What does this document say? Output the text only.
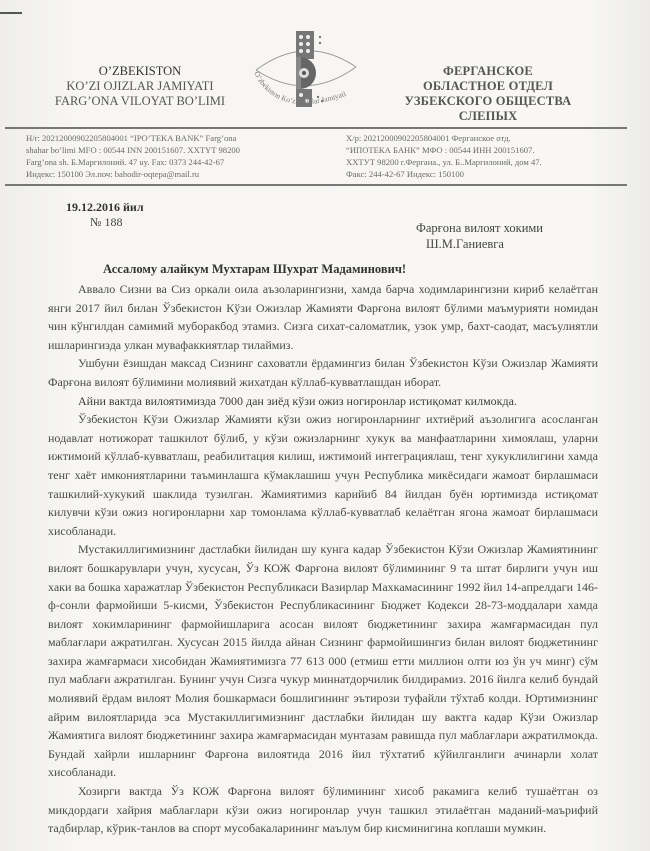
O’ZBEKISTON
KO’ZI OJIZLAR JAMIYATI
FARG’ONA VILOYAT BO’LIMI
O’zbekiston Ko’zi Ojizlar Jamiyati
ФЕРГАНСКОЕ
ОБЛАСТНОЕ ОТДЕЛ
УЗБЕКСКОГО ОБЩЕСТВА
СЛЕПЫХ
H/r: 20212000902205804001 “IPO’TEKA BANK” Farg’ona
shahar bo’limi MFO : 00544 INN 200151607. XXTYT 98200
Farg’ona sh. Б.Маргилоний. 47 uy. Fax: 0373 244-42-67
Индекс: 150100 Эл.поч: bahodir-oqtepa@mail.ru
Х/р: 20212000902205804001 Ферганское отд.
“ИПОТЕКА БАНК” МФО : 00544 ИНН 200151607.
ХХТУТ 98200 г.Фергана., ул. Б..Маргилоний, дом 47.
Факс: 244-42-67 Индекс: 150100
19.12.2016 йил
№ 188	Фарғона вилоят хокими
Ш.М.Ганиевга
Ассалому алайкум Мухтарам Шухрат Мадаминович!

Аввало Сизни ва Сиз оркали оила аъзоларингизни, хамда барча ходимларингизни кириб келаётган янги 2017 йил билан Ўзбекистон Кўзи Ожизлар Жамияти Фарғона вилоят бўлими маъмурияти номидан чин кўнгилдан самимий муборакбод этамиз. Сизга сихат-саломатлик, узок умр, бахт-саодат, масъулиятли ишларингизда улкан мувафаккиятлар тилаймиз.

Ушбуни ёзишдан максад Сизнинг саховатли ёрдамингиз билан Ўзбекистон Кўзи Ожизлар Жамияти Фарғона вилоят бўлимини молиявий жихатдан кўллаб-кувватлашдан иборат.

Айни вактда вилоятимизда 7000 дан зиёд кўзи ожиз ногиронлар истиқомат килмокда.

Ўзбекистон Кўзи Ожизлар Жамияти кўзи ожиз ногиронларнинг ихтиёрий аъзолигига асосланган нодавлат нотижорат ташкилот бўлиб, у кўзи ожизларнинг хукук ва манфаатларини химоялаш, уларни ижтимоий кўллаб-кувватлаш, реабилитация килиш, ижтимоий интеграциялаш, тенг хукуклилигини хамда тенг хаёт имкониятларини таъминлашга кўмаклашиш учун Республика микёсидаги жамоат бирлашмаси ташкилий-хукукий шаклида тузилган. Жамиятимиз карийиб 84 йилдан буён юртимизда истиқомат килувчи кўзи ожиз ногиронларни хар томонлама кўллаб-кувватлаб келаётган ягона жамоат бирлашмаси хисобланади.

Мустакиллигимизнинг дастлабки йилидан шу кунга кадар Ўзбекистон Кўзи Ожизлар Жамиятининг вилоят бошкарувлари учун, хусусан, Ўз КОЖ Фарғона вилоят бўлимининг 9 та штат бирлиги учун иш хаки ва бошка харажатлар Ўзбекистон Республикаси Вазирлар Махкамасининг 1992 йил 14-апрелдаги 146-ф-сонли фармойиши 5-кисми, Ўзбекистон Республикасининг Бюджет Кодекси 28-73-моддалари хамда вилоят хокимларининг фармойишларига асосан вилоят бюджетининг захира жамғармасидан пул маблағлари ажратилган. Хусусан 2015 йилда айнан Сизнинг фармойишингиз билан вилоят бюджетининг захира жамғармаси хисобидан Жамиятимизга 77 613 000 (етмиш етти миллион олти юз ўн уч минг) сўм пул маблағи ажратилган. Бунинг учун Сизга чукур миннатдорчилик билдирамиз. 2016 йилга келиб бундай молиявий ёрдам вилоят Молия бошкармаси бошлигининг эътирози туфайли тўхтаб колди. Юртимизнинг айрим вилоятларида эса Мустакиллигимизнинг дастлабки йилидан шу вактга кадар Кўзи Ожизлар Жамиятига вилоят бюджетининг захира жамғармасидан мунтазам равишда пул маблағлари ажратилмокда. Бундай хайрли ишларнинг Фарғона вилоятида 2016 йил тўхтатиб кўйилганлиги ачинарли холат хисобланади.

Хозирги вактда Ўз КОЖ Фарғона вилоят бўлимининг хисоб ракамига келиб тушаётган оз микдордаги хайрия маблағлари кўзи ожиз ногиронлар учун ташкил этилаётган маданий-маърифий тадбирлар, кўрик-танлов ва спорт мусобакаларининг маълум бир кисминигина коплаши мумкин.
